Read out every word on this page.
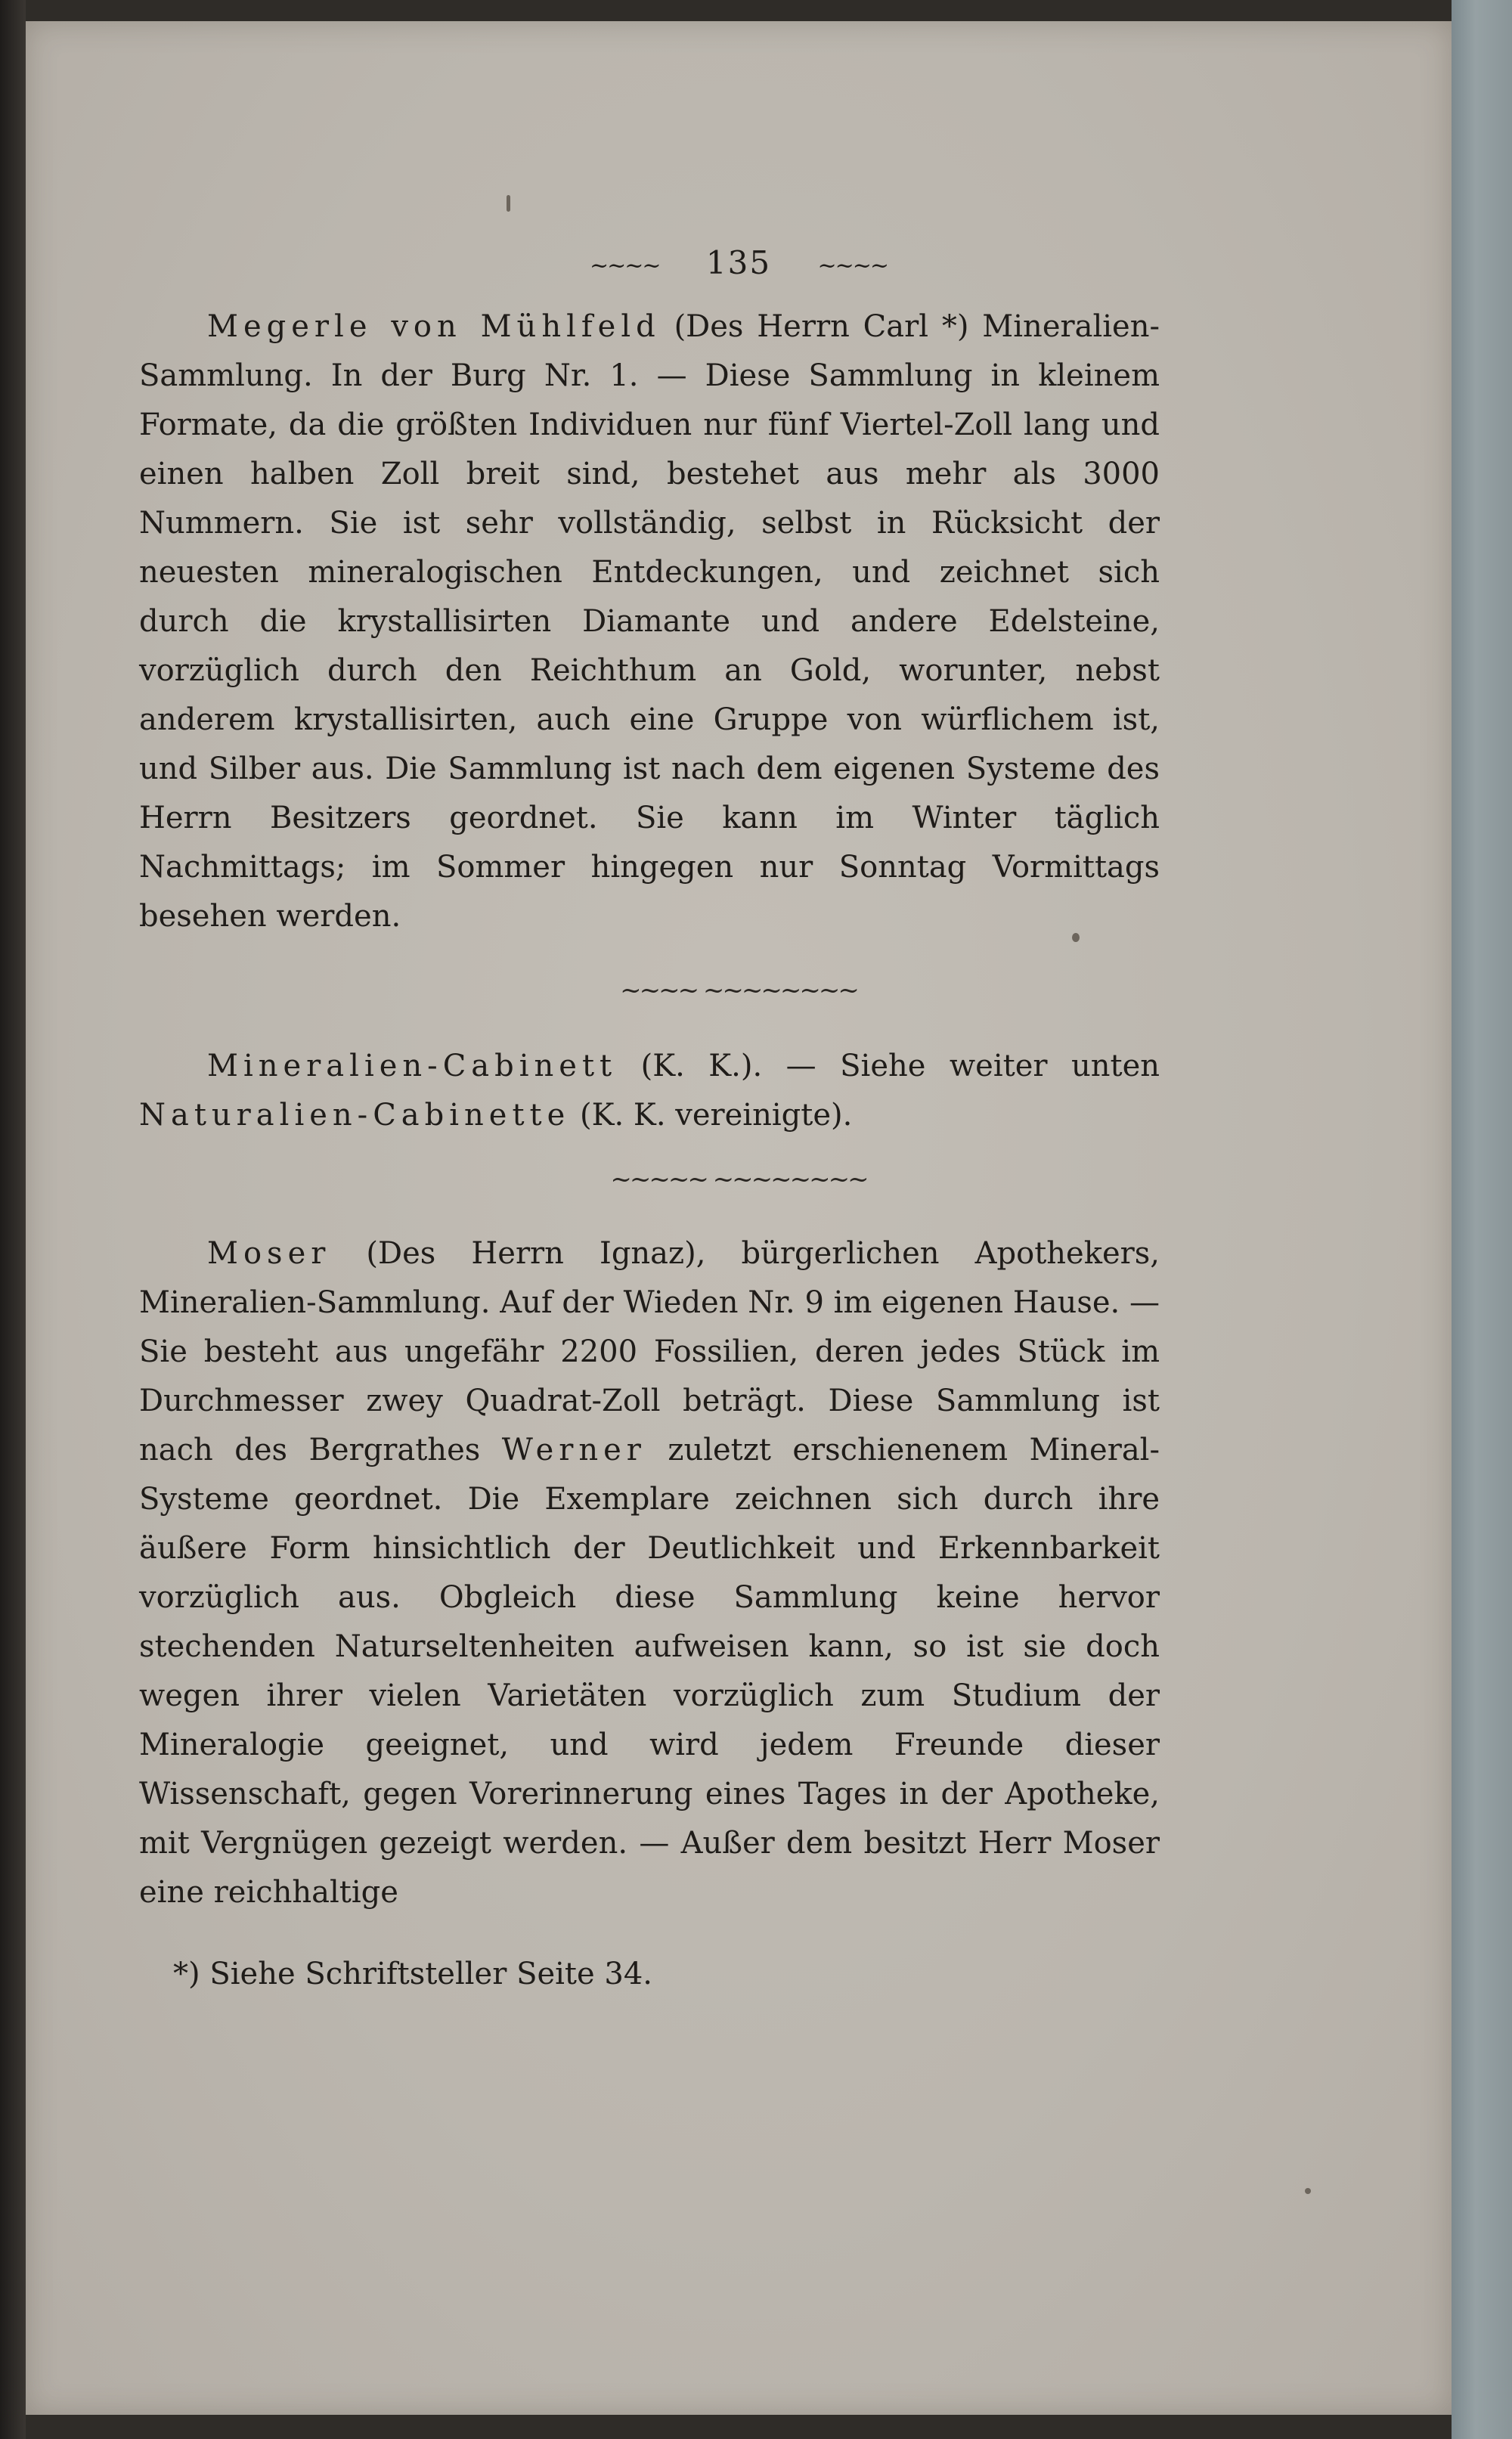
~~~~ 135 ~~~~

Megerle von Mühlfeld (Des Herrn Carl *) Mineralien-Sammlung. In der Burg Nr. 1. — Diese Sammlung in kleinem Formate, da die größten Individuen nur fünf Viertel-Zoll lang und einen halben Zoll breit sind, bestehet aus mehr als 3000 Nummern. Sie ist sehr vollständig, selbst in Rücksicht der neuesten mineralogischen Entdeckungen, und zeichnet sich durch die krystallisirten Diamante und andere Edelsteine, vorzüglich durch den Reichthum an Gold, worunter, nebst anderem krystallisirten, auch eine Gruppe von würflichem ist, und Silber aus. Die Sammlung ist nach dem eigenen Systeme des Herrn Besitzers geordnet. Sie kann im Winter täglich Nachmittags; im Sommer hingegen nur Sonntag Vormittags besehen werden.

~~~~ ~~~~~~~~

Mineralien-Cabinett (K. K.). — Siehe weiter unten Naturalien-Cabinette (K. K. vereinigte).

~~~~~ ~~~~~~~~

Moser (Des Herrn Ignaz), bürgerlichen Apothekers, Mineralien-Sammlung. Auf der Wieden Nr. 9 im eigenen Hause. — Sie besteht aus ungefähr 2200 Fossilien, deren jedes Stück im Durchmesser zwey Quadrat-Zoll beträgt. Diese Sammlung ist nach des Bergrathes Werner zuletzt erschienenem Mineral-Systeme geordnet. Die Exemplare zeichnen sich durch ihre äußere Form hinsichtlich der Deutlichkeit und Erkennbarkeit vorzüglich aus. Obgleich diese Sammlung keine hervor stechenden Naturseltenheiten aufweisen kann, so ist sie doch wegen ihrer vielen Varietäten vorzüglich zum Studium der Mineralogie geeignet, und wird jedem Freunde dieser Wissenschaft, gegen Vorerinnerung eines Tages in der Apotheke, mit Vergnügen gezeigt werden. — Außer dem besitzt Herr Moser eine reichhaltige

*) Siehe Schriftsteller Seite 34.
